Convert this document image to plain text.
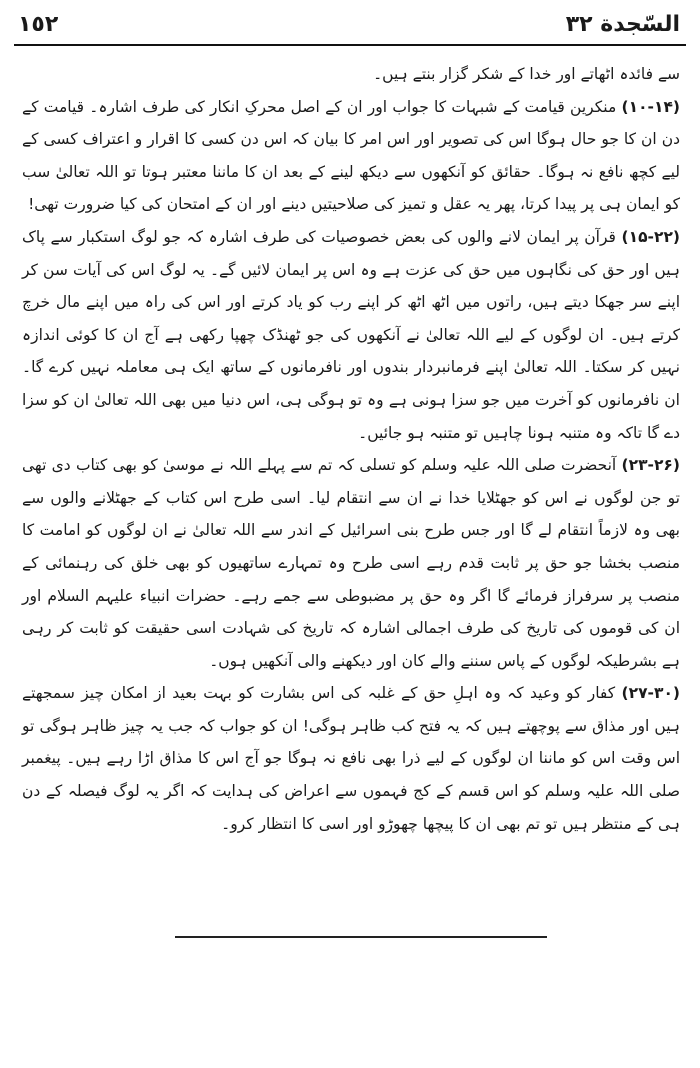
السّجدة ٣٢
١٥٢

سے فائدہ اٹھاتے اور خدا کے شکر گزار بنتے ہیں۔

(۱۰-۱۴) منکرین قیامت کے شبہات کا جواب اور ان کے اصل محرکِ انکار کی طرف اشارہ۔ قیامت کے دن ان کا جو حال ہوگا اس کی تصویر اور اس امر کا بیان کہ اس دن کسی کا اقرار و اعتراف کسی کے لیے کچھ نافع نہ ہوگا۔ حقائق کو آنکھوں سے دیکھ لینے کے بعد ان کا ماننا معتبر ہوتا تو اللہ تعالیٰ سب کو ایمان ہی پر پیدا کرتا، پھر یہ عقل و تمیز کی صلاحیتیں دینے اور ان کے امتحان کی کیا ضرورت تھی!

(۱۵-۲۲) قرآن پر ایمان لانے والوں کی بعض خصوصیات کی طرف اشارہ کہ جو لوگ استکبار سے پاک ہیں اور حق کی نگاہوں میں حق کی عزت ہے وہ اس پر ایمان لائیں گے۔ یہ لوگ اس کی آیات سن کر اپنے سر جھکا دیتے ہیں، راتوں میں اٹھ اٹھ کر اپنے رب کو یاد کرتے اور اس کی راہ میں اپنے مال خرچ کرتے ہیں۔ ان لوگوں کے لیے اللہ تعالیٰ نے آنکھوں کی جو ٹھنڈک چھپا رکھی ہے آج ان کا کوئی اندازہ نہیں کر سکتا۔ اللہ تعالیٰ اپنے فرمانبردار بندوں اور نافرمانوں کے ساتھ ایک ہی معاملہ نہیں کرے گا۔ ان نافرمانوں کو آخرت میں جو سزا ہونی ہے وہ تو ہوگی ہی، اس دنیا میں بھی اللہ تعالیٰ ان کو سزا دے گا تاکہ وہ متنبہ ہونا چاہیں تو متنبہ ہو جائیں۔

(۲۳-۲۶) آنحضرت صلی اللہ علیہ وسلم کو تسلی کہ تم سے پہلے اللہ نے موسیٰ کو بھی کتاب دی تھی تو جن لوگوں نے اس کو جھٹلایا خدا نے ان سے انتقام لیا۔ اسی طرح اس کتاب کے جھٹلانے والوں سے بھی وہ لازماً انتقام لے گا اور جس طرح بنی اسرائیل کے اندر سے اللہ تعالیٰ نے ان لوگوں کو امامت کا منصب بخشا جو حق پر ثابت قدم رہے اسی طرح وہ تمہارے ساتھیوں کو بھی خلق کی رہنمائی کے منصب پر سرفراز فرمائے گا اگر وہ حق پر مضبوطی سے جمے رہے۔ حضرات انبیاء علیہم السلام اور ان کی قوموں کی تاریخ کی طرف اجمالی اشارہ کہ تاریخ کی شہادت اسی حقیقت کو ثابت کر رہی ہے بشرطیکہ لوگوں کے پاس سننے والے کان اور دیکھنے والی آنکھیں ہوں۔

(۲۷-۳۰) کفار کو وعید کہ وہ اہلِ حق کے غلبہ کی اس بشارت کو بہت بعید از امکان چیز سمجھتے ہیں اور مذاق سے پوچھتے ہیں کہ یہ فتح کب ظاہر ہوگی! ان کو جواب کہ جب یہ چیز ظاہر ہوگی تو اس وقت اس کو ماننا ان لوگوں کے لیے ذرا بھی نافع نہ ہوگا جو آج اس کا مذاق اڑا رہے ہیں۔ پیغمبر صلی اللہ علیہ وسلم کو اس قسم کے کج فہموں سے اعراض کی ہدایت کہ اگر یہ لوگ فیصلہ کے دن ہی کے منتظر ہیں تو تم بھی ان کا پیچھا چھوڑو اور اسی کا انتظار کرو۔
